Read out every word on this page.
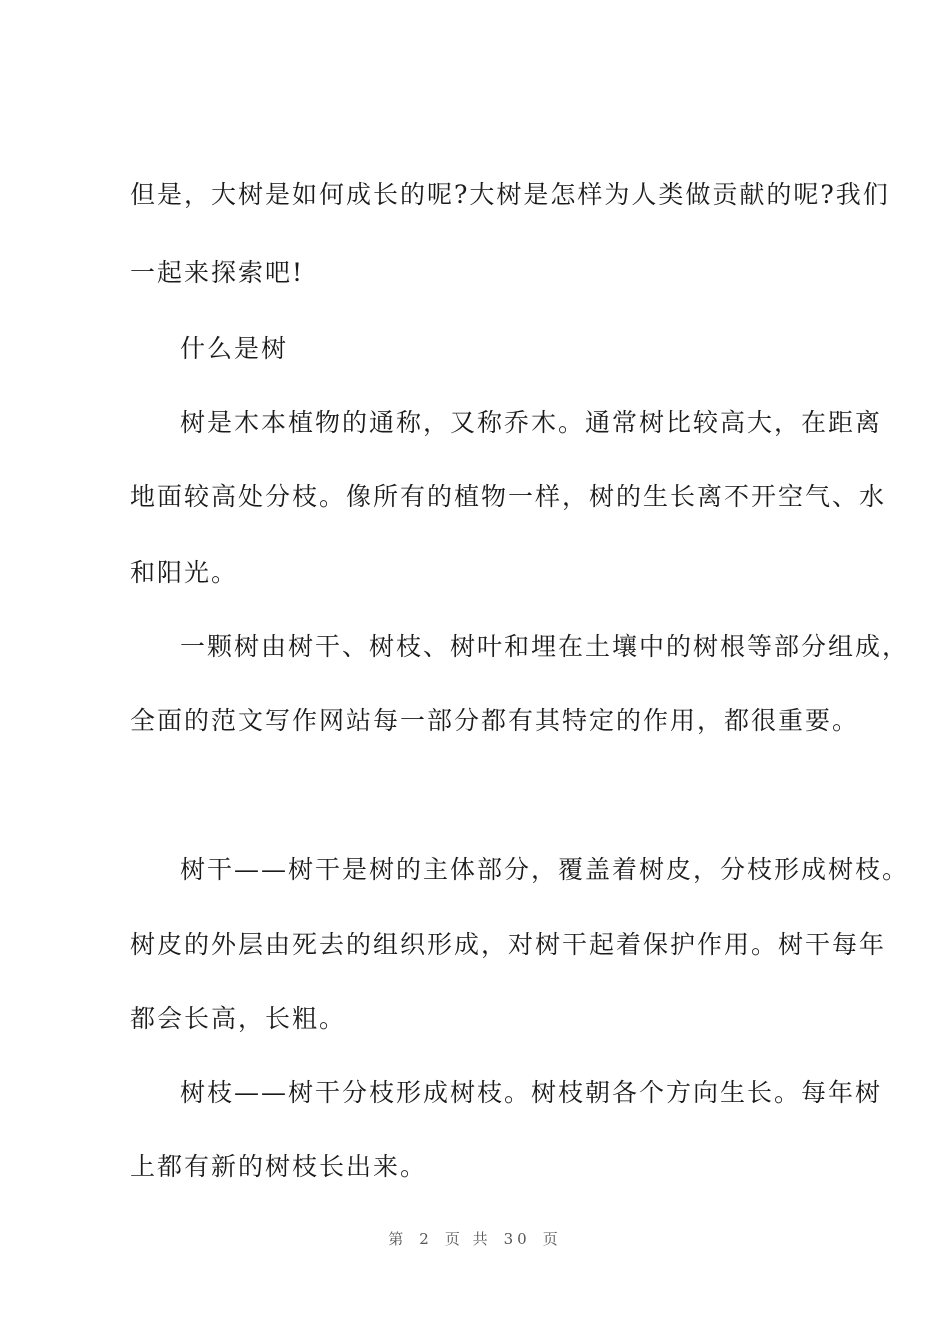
但是，大树是如何成长的呢?大树是怎样为人类做贡献的呢?我们
一起来探索吧!
什么是树
树是木本植物的通称，又称乔木。通常树比较高大，在距离
地面较高处分枝。像所有的植物一样，树的生长离不开空气、水
和阳光。
一颗树由树干、树枝、树叶和埋在土壤中的树根等部分组成，
全面的范文写作网站每一部分都有其特定的作用，都很重要。
树干——树干是树的主体部分，覆盖着树皮，分枝形成树枝。
树皮的外层由死去的组织形成，对树干起着保护作用。树干每年
都会长高，长粗。
树枝——树干分枝形成树枝。树枝朝各个方向生长。每年树
上都有新的树枝长出来。
第 2 页 共 30 页
